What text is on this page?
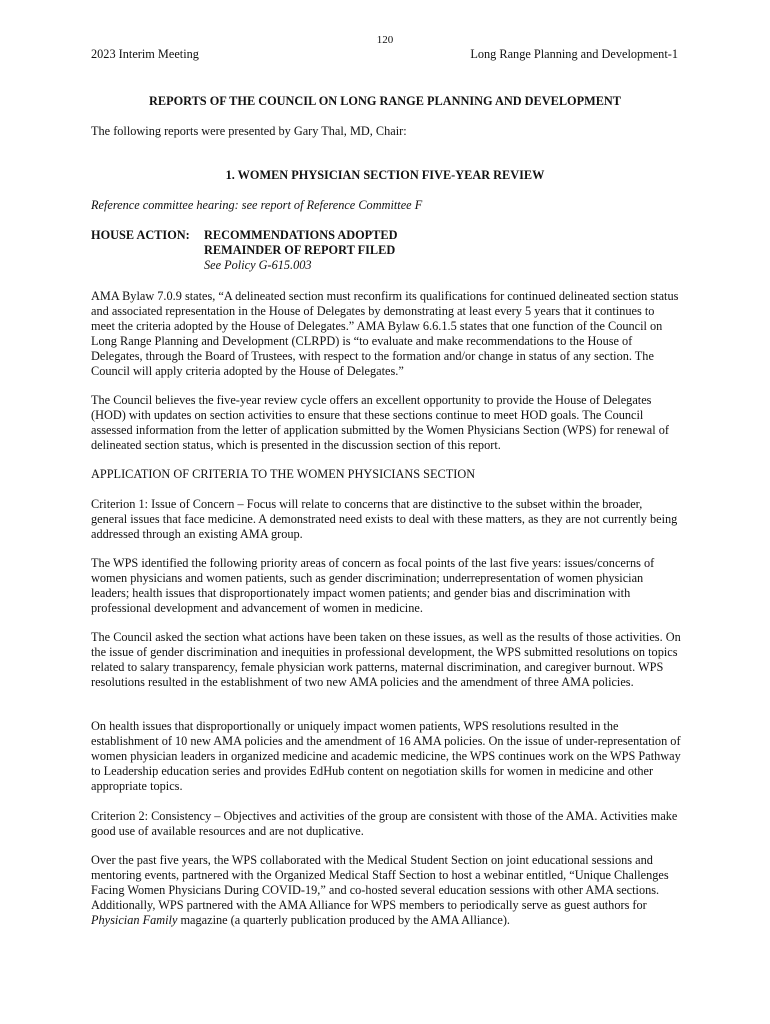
120
2023 Interim Meeting	Long Range Planning and Development-1
REPORTS OF THE COUNCIL ON LONG RANGE PLANNING AND DEVELOPMENT
The following reports were presented by Gary Thal, MD, Chair:
1. WOMEN PHYSICIAN SECTION FIVE-YEAR REVIEW
Reference committee hearing: see report of Reference Committee F
HOUSE ACTION: RECOMMENDATIONS ADOPTED
REMAINDER OF REPORT FILED
See Policy G-615.003
AMA Bylaw 7.0.9 states, “A delineated section must reconfirm its qualifications for continued delineated section status and associated representation in the House of Delegates by demonstrating at least every 5 years that it continues to meet the criteria adopted by the House of Delegates.” AMA Bylaw 6.6.1.5 states that one function of the Council on Long Range Planning and Development (CLRPD) is “to evaluate and make recommendations to the House of Delegates, through the Board of Trustees, with respect to the formation and/or change in status of any section. The Council will apply criteria adopted by the House of Delegates.”
The Council believes the five-year review cycle offers an excellent opportunity to provide the House of Delegates (HOD) with updates on section activities to ensure that these sections continue to meet HOD goals. The Council assessed information from the letter of application submitted by the Women Physicians Section (WPS) for renewal of delineated section status, which is presented in the discussion section of this report.
APPLICATION OF CRITERIA TO THE WOMEN PHYSICIANS SECTION
Criterion 1: Issue of Concern – Focus will relate to concerns that are distinctive to the subset within the broader, general issues that face medicine. A demonstrated need exists to deal with these matters, as they are not currently being addressed through an existing AMA group.
The WPS identified the following priority areas of concern as focal points of the last five years: issues/concerns of women physicians and women patients, such as gender discrimination; underrepresentation of women physician leaders; health issues that disproportionately impact women patients; and gender bias and discrimination with professional development and advancement of women in medicine.
The Council asked the section what actions have been taken on these issues, as well as the results of those activities. On the issue of gender discrimination and inequities in professional development, the WPS submitted resolutions on topics related to salary transparency, female physician work patterns, maternal discrimination, and caregiver burnout. WPS resolutions resulted in the establishment of two new AMA policies and the amendment of three AMA policies.
On health issues that disproportionally or uniquely impact women patients, WPS resolutions resulted in the establishment of 10 new AMA policies and the amendment of 16 AMA policies. On the issue of under-representation of women physician leaders in organized medicine and academic medicine, the WPS continues work on the WPS Pathway to Leadership education series and provides EdHub content on negotiation skills for women in medicine and other appropriate topics.
Criterion 2: Consistency – Objectives and activities of the group are consistent with those of the AMA. Activities make good use of available resources and are not duplicative.
Over the past five years, the WPS collaborated with the Medical Student Section on joint educational sessions and mentoring events, partnered with the Organized Medical Staff Section to host a webinar entitled, “Unique Challenges Facing Women Physicians During COVID-19,” and co-hosted several education sessions with other AMA sections. Additionally, WPS partnered with the AMA Alliance for WPS members to periodically serve as guest authors for Physician Family magazine (a quarterly publication produced by the AMA Alliance).
